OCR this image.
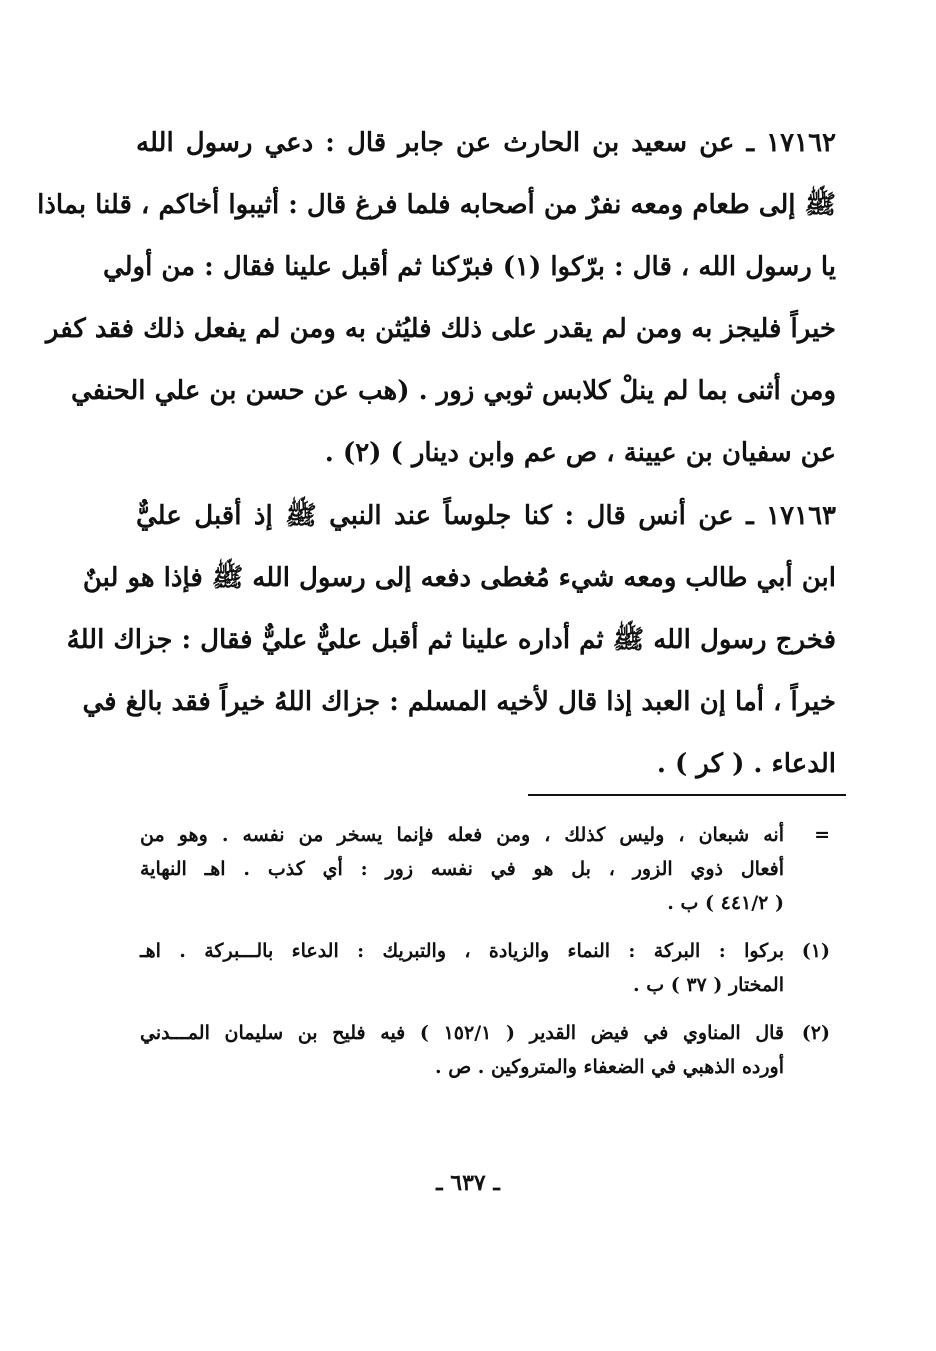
١٧١٦٢ ـ عن سعيد بن الحارث عن جابر قال : دعي رسول الله
ﷺ إلى طعام ومعه نفرٌ من أصحابه فلما فرغ قال : أثيبوا أخاكم ، قلنا بماذا
يا رسول الله ، قال : برّكوا (١) فبرّكنا ثم أقبل علينا فقال : من أولي
خيراً فليجز به ومن لم يقدر على ذلك فليُثن به ومن لم يفعل ذلك فقد كفر
ومن أثنى بما لم ينلْ كلابس ثوبي زور . (هب عن حسن بن علي الحنفي
عن سفيان بن عيينة ، ص عم وابن دينار ) (٢) .
١٧١٦٣ ـ عن أنس قال : كنا جلوساً عند النبي ﷺ إذ أقبل عليٌّ
ابن أبي طالب ومعه شيء مُغطى دفعه إلى رسول الله ﷺ فإذا هو لبنٌ
فخرج رسول الله ﷺ ثم أداره علينا ثم أقبل عليٌّ عليٌّ فقال : جزاك اللهُ
خيراً ، أما إن العبد إذا قال لأخيه المسلم : جزاك اللهُ خيراً فقد بالغ في
الدعاء . ( كر ) .
=
أنه شبعان ، وليس كذلك ، ومن فعله فإنما يسخر من نفسه . وهو من
أفعال ذوي الزور ، بل هو في نفسه زور : أي كذب . اهـ النهاية
( ٤٤١/٢ ) ب .
(١)
بركوا : البركة : النماء والزيادة ، والتبريك : الدعاء بالـــبركة . اهـ
المختار ( ٣٧ ) ب .
(٢)
قال المناوي في فيض القدير ( ١٥٢/١ ) فيه فليح بن سليمان المـــدني
أورده الذهبي في الضعفاء والمتروكين . ص .
ـ ٦٣٧ ـ
